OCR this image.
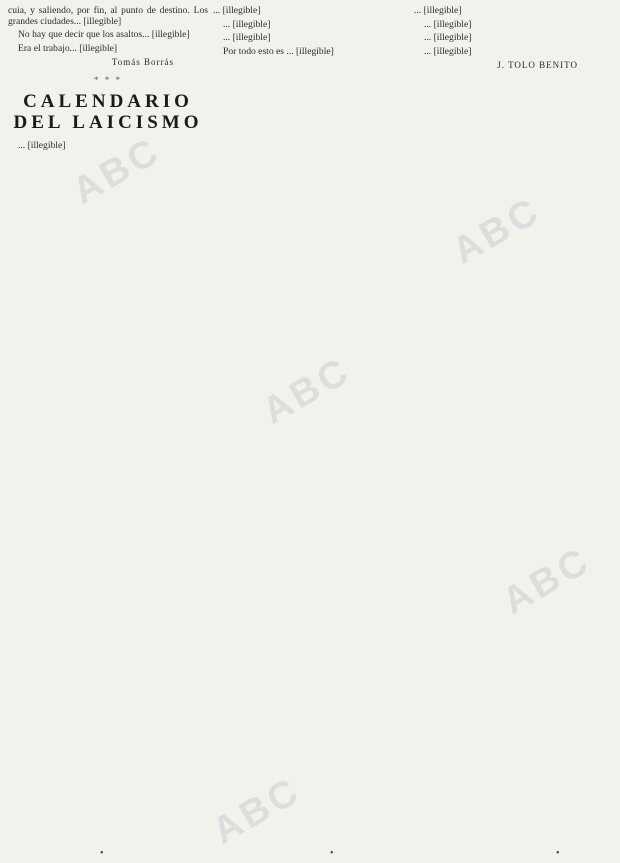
cuia, y saliendo, por fin, al punto de destino. Los grandes ciudades... [illegible]

No hay que decir que los asaltos... [illegible]

Era el trabajo... [illegible]

Tomás Borrás
* * *
CALENDARIO
DEL LAICISMO

... [illegible]

... [illegible]

... [illegible]

... [illegible]

Por todo esto es ... [illegible]

... [illegible]

... [illegible]

... [illegible]

... [illegible]

J. TOLO BENITO
ABC
ABC
ABC
ABC
ABC
•	•	•
